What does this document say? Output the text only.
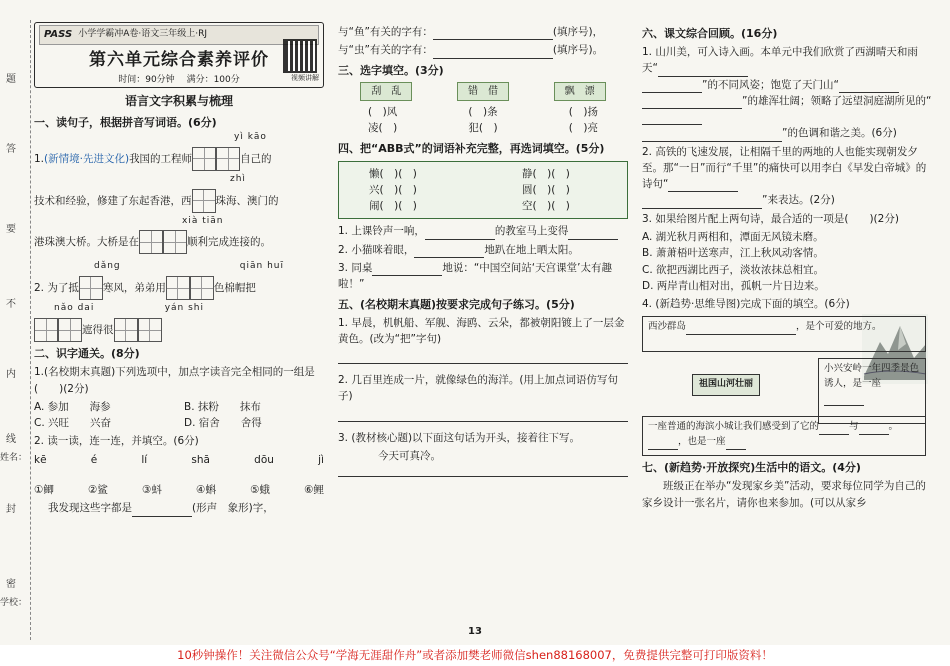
题
答
要
不
内
线
封
密
姓名：
学校：
PASS 小学学霸冲A卷·语文三年级上·RJ
第六单元综合素养评价
时间：90分钟　 满分：100分	视频讲解
语言文字积累与梳理
一、读句子，根据拼音写词语。(6分)
yì kāo
1.(新情境·先进文化)我国的工程师	自己的
zhì
技术和经验，修建了东起香港，西 珠海、澳门的
xià tiān
港珠澳大桥。大桥是在	顺利完成连接的。
dǎng	qiān huī
2. 为了抵 寒风，弟弟用	色棉帽把
nǎo dai	yán shi
遮得很
二、识字通关。(8分)
1.(名校期末真题)下列选项中，加点字读音完全相同的一组是(　　)(2分)
A. 参加　　海参	B. 抹粉　　抹布
C. 兴旺　　兴奋	D. 宿舍　　舍得
2. 读一读，连一连，并填空。(6分)
kē	é	lí	shā	dōu	jì
①鲫	②鲨	③蚪	④蝌	⑤蛾	⑥鲤
我发现这些字都是	(形声　象形)字，
与“鱼”有关的字有：	(填序号)，
与“虫”有关的字有：	(填序号)。
三、选字填空。(3分)
刮　乱	错　借	飘　漂
(　)风	(　)条	(　)扬
凌(　)	犯(　)	(　)亮
四、把“ABB式”的词语补充完整，再选词填空。(5分)
懒(　)(　)	静(　)(　)
兴(　)(　)	圆(　)(　)
闹(　)(　)	空(　)(　)
1. 上课铃声一响，	的教室马上变得
2. 小猫咪着眼，	地趴在地上晒太阳。
3. 同桌	地说：“中国空间站‘天宫课堂’太有趣啦！”
五、(名校期末真题)按要求完成句子练习。(5分)
1. 早晨，机帆船、军舰、海鸥、云朵，都被朝阳镀上了一层金黄色。(改为“把”字句)
2. 几百里连成一片，就像绿色的海洋。(用上加点词语仿写句子)
3. (教材核心题)以下面这句话为开头，接着往下写。
今天可真冷。
六、课文综合回顾。(16分)
1. 山川美，可入诗入画。本单元中我们欣赏了西湖晴天和雨天“
”的不同风姿；饱览了天门山“
”的雄浑壮阔；领略了远望洞庭湖所见的“
”的色调和谐之美。(6分)
2. 高铁的飞速发展，让相隔千里的两地的人也能实现朝发夕至。那“一日”而行“千里”的痛快可以用李白《早发白帝城》的诗句“
”来表达。(2分)
3. 如果给图片配上两句诗，最合适的一项是(　　)(2分)
A. 湖光秋月两相和，潭面无风镜未磨。
B. 萧萧梧叶送寒声，江上秋风动客情。
C. 欲把西湖比西子，淡妆浓抹总相宜。
D. 两岸青山相对出，孤帆一片日边来。
4. (新趋势·思维导图)完成下面的填空。(6分)
西沙群岛	，是个可爱的地方。
祖国山河壮丽
小兴安岭一年四季景色诱人，是一座
一座普通的海滨小城让我们感受到了它的	与	。，也是一座
七、(新趋势·开放探究)生活中的语文。(4分)
班级正在举办“发现家乡美”活动，要求每位同学为自己的家乡设计一张名片，请你也来参加。(可以从家乡
13
10秒钟操作！关注微信公众号“学海无涯甜作舟”或者添加樊老师微信shen88168007，免费提供完整可打印版资料！
